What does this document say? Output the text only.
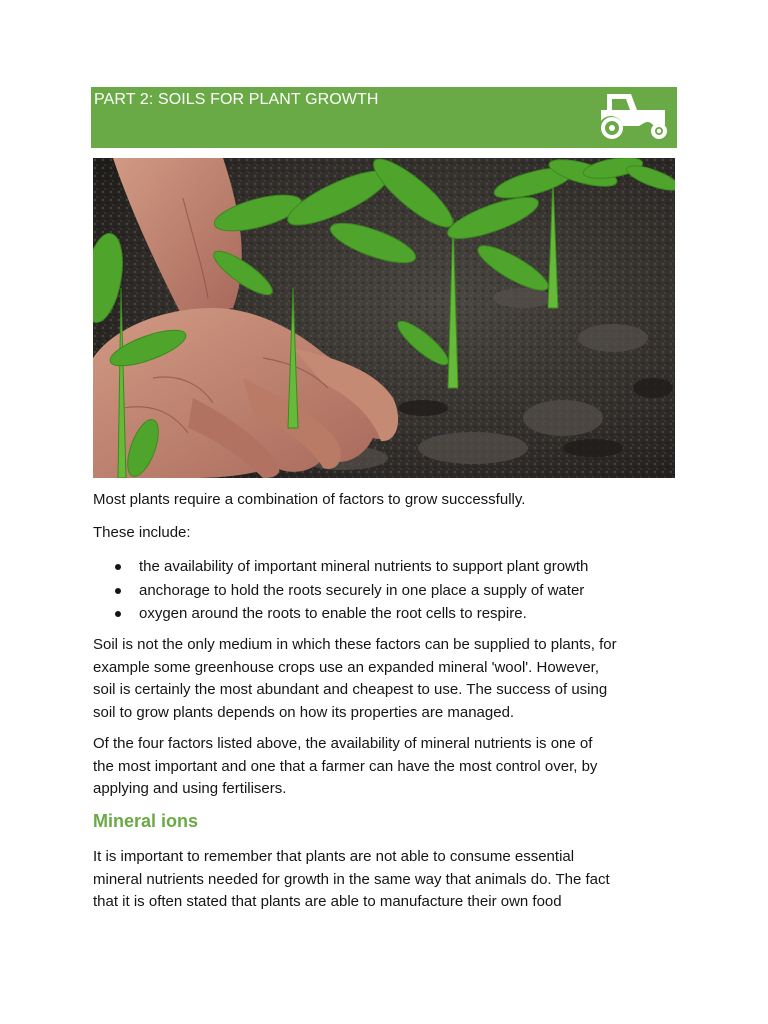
PART 2: SOILS FOR PLANT GROWTH
Most plants require a combination of factors to grow successfully.
These include:
the availability of important mineral nutrients to support plant growth
anchorage to hold the roots securely in one place a supply of water
oxygen around the roots to enable the root cells to respire.
Soil is not the only medium in which these factors can be supplied to plants, for
example some greenhouse crops use an expanded mineral 'wool'. However,
soil is certainly the most abundant and cheapest to use. The success of using
soil to grow plants depends on how its properties are managed.
Of the four factors listed above, the availability of mineral nutrients is one of
the most important and one that a farmer can have the most control over, by
applying and using fertilisers.
Mineral ions
It is important to remember that plants are not able to consume essential
mineral nutrients needed for growth in the same way that animals do. The fact
that it is often stated that plants are able to manufacture their own food
